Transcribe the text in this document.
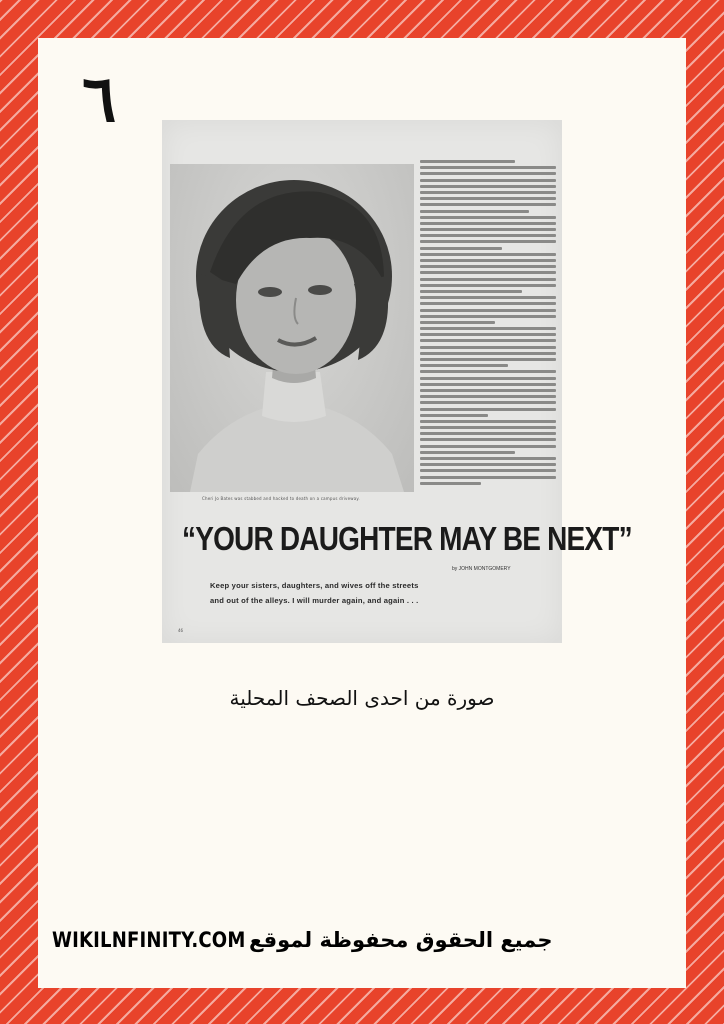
٦
Cheri Jo Bates was stabbed and hacked to death on a campus driveway.
“YOUR DAUGHTER MAY BE NEXT”
by JOHN MONTGOMERY
Keep your sisters, daughters, and wives off the streets
and out of the alleys. I will murder again, and again . . .
46
صورة من احدى الصحف المحلية
WIKILNFINITY.COM جميع الحقوق محفوظة لموقع
